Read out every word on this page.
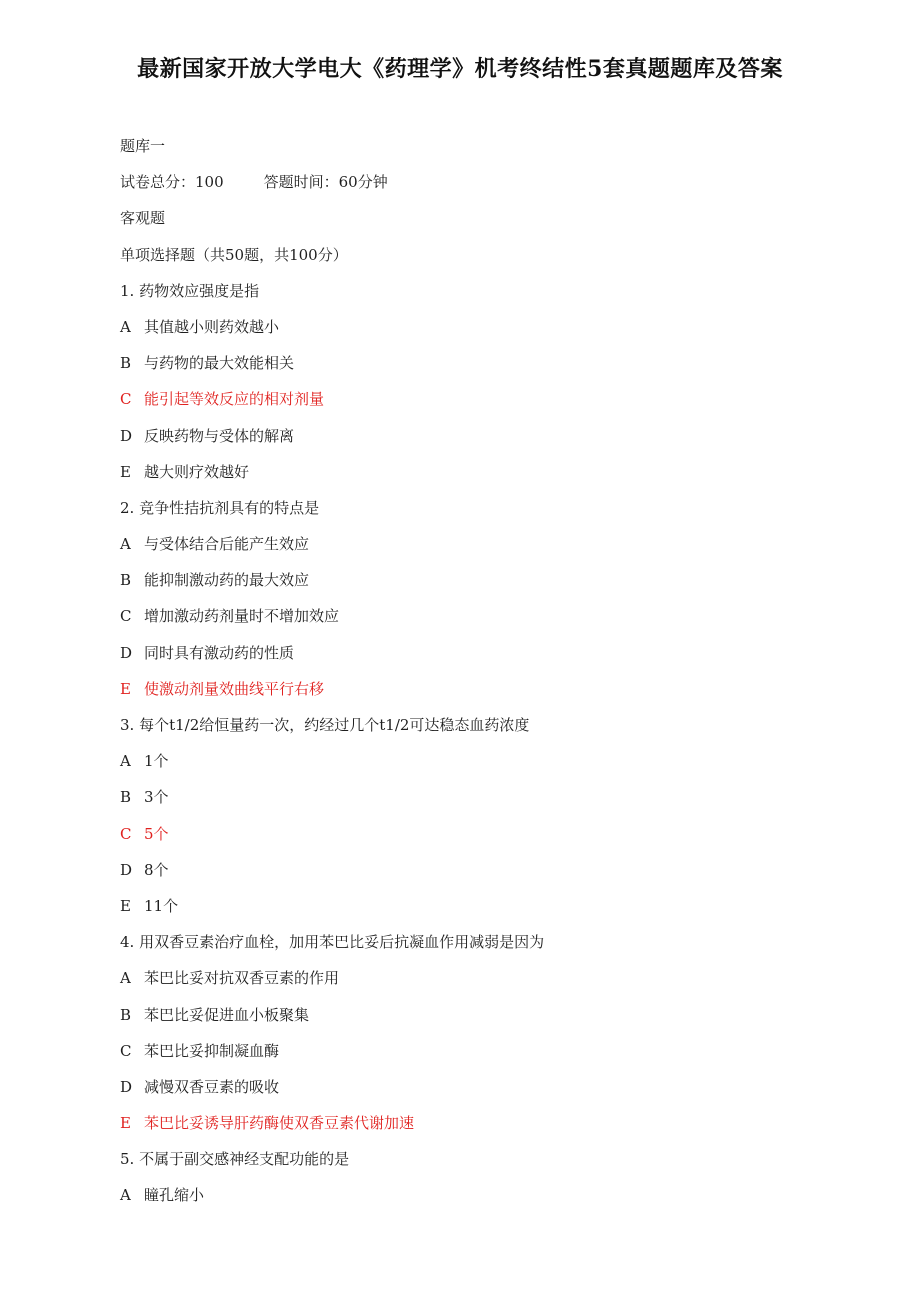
最新国家开放大学电大《药理学》机考终结性5套真题题库及答案
题库一
试卷总分：100	答题时间：60分钟
客观题
单项选择题（共50题，共100分）
1. 药物效应强度是指
A 其值越小则药效越小
B 与药物的最大效能相关
C 能引起等效反应的相对剂量
D 反映药物与受体的解离
E 越大则疗效越好
2. 竞争性拮抗剂具有的特点是
A 与受体结合后能产生效应
B 能抑制激动药的最大效应
C 增加激动药剂量时不增加效应
D 同时具有激动药的性质
E 使激动剂量效曲线平行右移
3. 每个t1/2给恒量药一次，约经过几个t1/2可达稳态血药浓度
A 1个
B 3个
C 5个
D 8个
E 11个
4. 用双香豆素治疗血栓，加用苯巴比妥后抗凝血作用减弱是因为
A 苯巴比妥对抗双香豆素的作用
B 苯巴比妥促进血小板聚集
C 苯巴比妥抑制凝血酶
D 减慢双香豆素的吸收
E 苯巴比妥诱导肝药酶使双香豆素代谢加速
5. 不属于副交感神经支配功能的是
A 瞳孔缩小
